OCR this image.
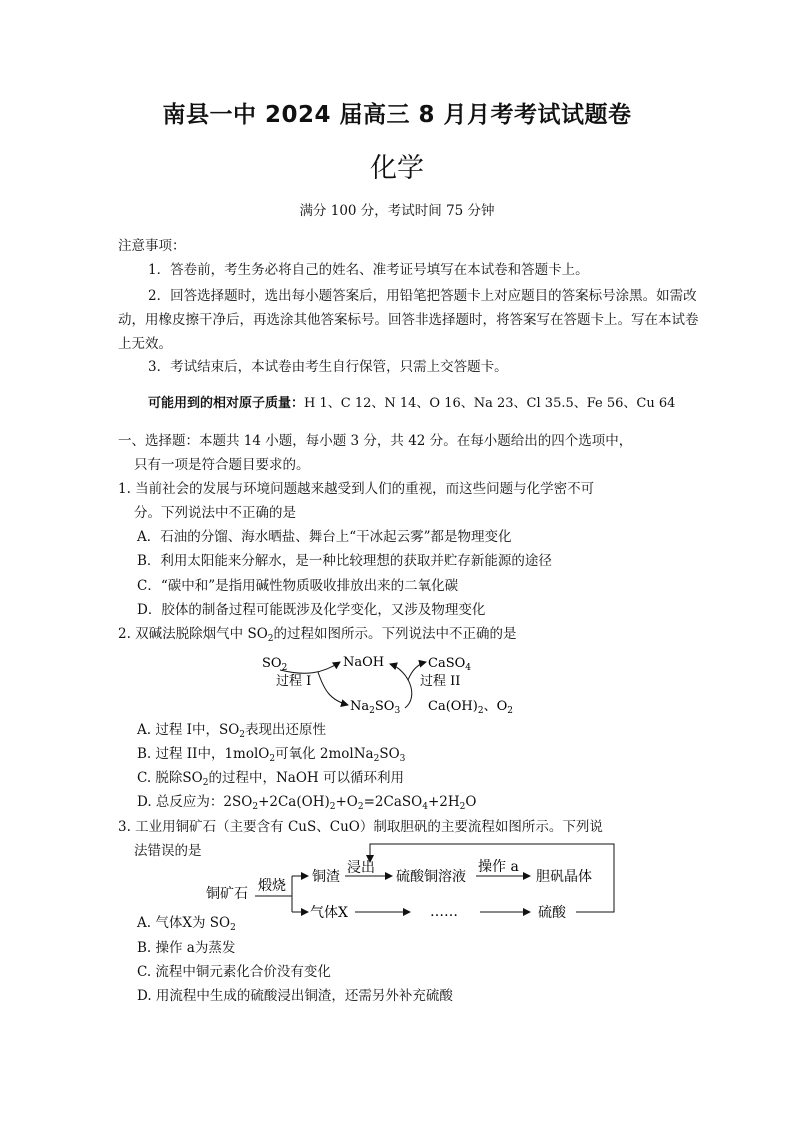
南县一中 2024 届高三 8 月月考考试试题卷
化学
满分 100 分，考试时间 75 分钟
注意事项：
1．答卷前，考生务必将自己的姓名、准考证号填写在本试卷和答题卡上。
2．回答选择题时，选出每小题答案后，用铅笔把答题卡上对应题目的答案标号涂黑。如需改动，用橡皮擦干净后，再选涂其他答案标号。回答非选择题时，将答案写在答题卡上。写在本试卷上无效。
3．考试结束后，本试卷由考生自行保管，只需上交答题卡。
可能用到的相对原子质量：H 1、C 12、N 14、O 16、Na 23、Cl 35.5、Fe 56、Cu 64
一、选择题：本题共 14 小题，每小题 3 分，共 42 分。在每小题给出的四个选项中，
只有一项是符合题目要求的。
1. 当前社会的发展与环境问题越来越受到人们的重视，而这些问题与化学密不可
分。下列说法中不正确的是
A．石油的分馏、海水晒盐、舞台上“干冰起云雾”都是物理变化
B．利用太阳能来分解水，是一种比较理想的获取并贮存新能源的途径
C．“碳中和”是指用碱性物质吸收排放出来的二氧化碳
D．胶体的制备过程可能既涉及化学变化，又涉及物理变化
2. 双碱法脱除烟气中 $SO_2$的过程如图所示。下列说法中不正确的是
$SO_2$	NaOH	CaSO$_4$
过程 I	过程 II
$Na_2SO_3$ $Ca(OH)_2$、$O_2$
A. 过程 I中，$SO_2$表现出还原性
B. 过程 II中，1molO$_2$可氧化 $2molNa_2SO_3$
C. 脱除$SO_2$的过程中，NaOH 可以循环利用
D. 总反应为：$2SO_2+2Ca(OH)_2+O_2=2CaSO_4+2H_2O$
3. 工业用铜矿石（主要含有 CuS、CuO）制取胆矾的主要流程如图所示。下列说
法错误的是
铜矿石 煅烧
铜渣
浸出
硫酸铜溶液
操作 a
胆矾晶体
气体X	……	硫酸
A. 气体X为 $SO_2$
B. 操作 a为蒸发
C. 流程中铜元素化合价没有变化
D. 用流程中生成的硫酸浸出铜渣，还需另外补充硫酸
